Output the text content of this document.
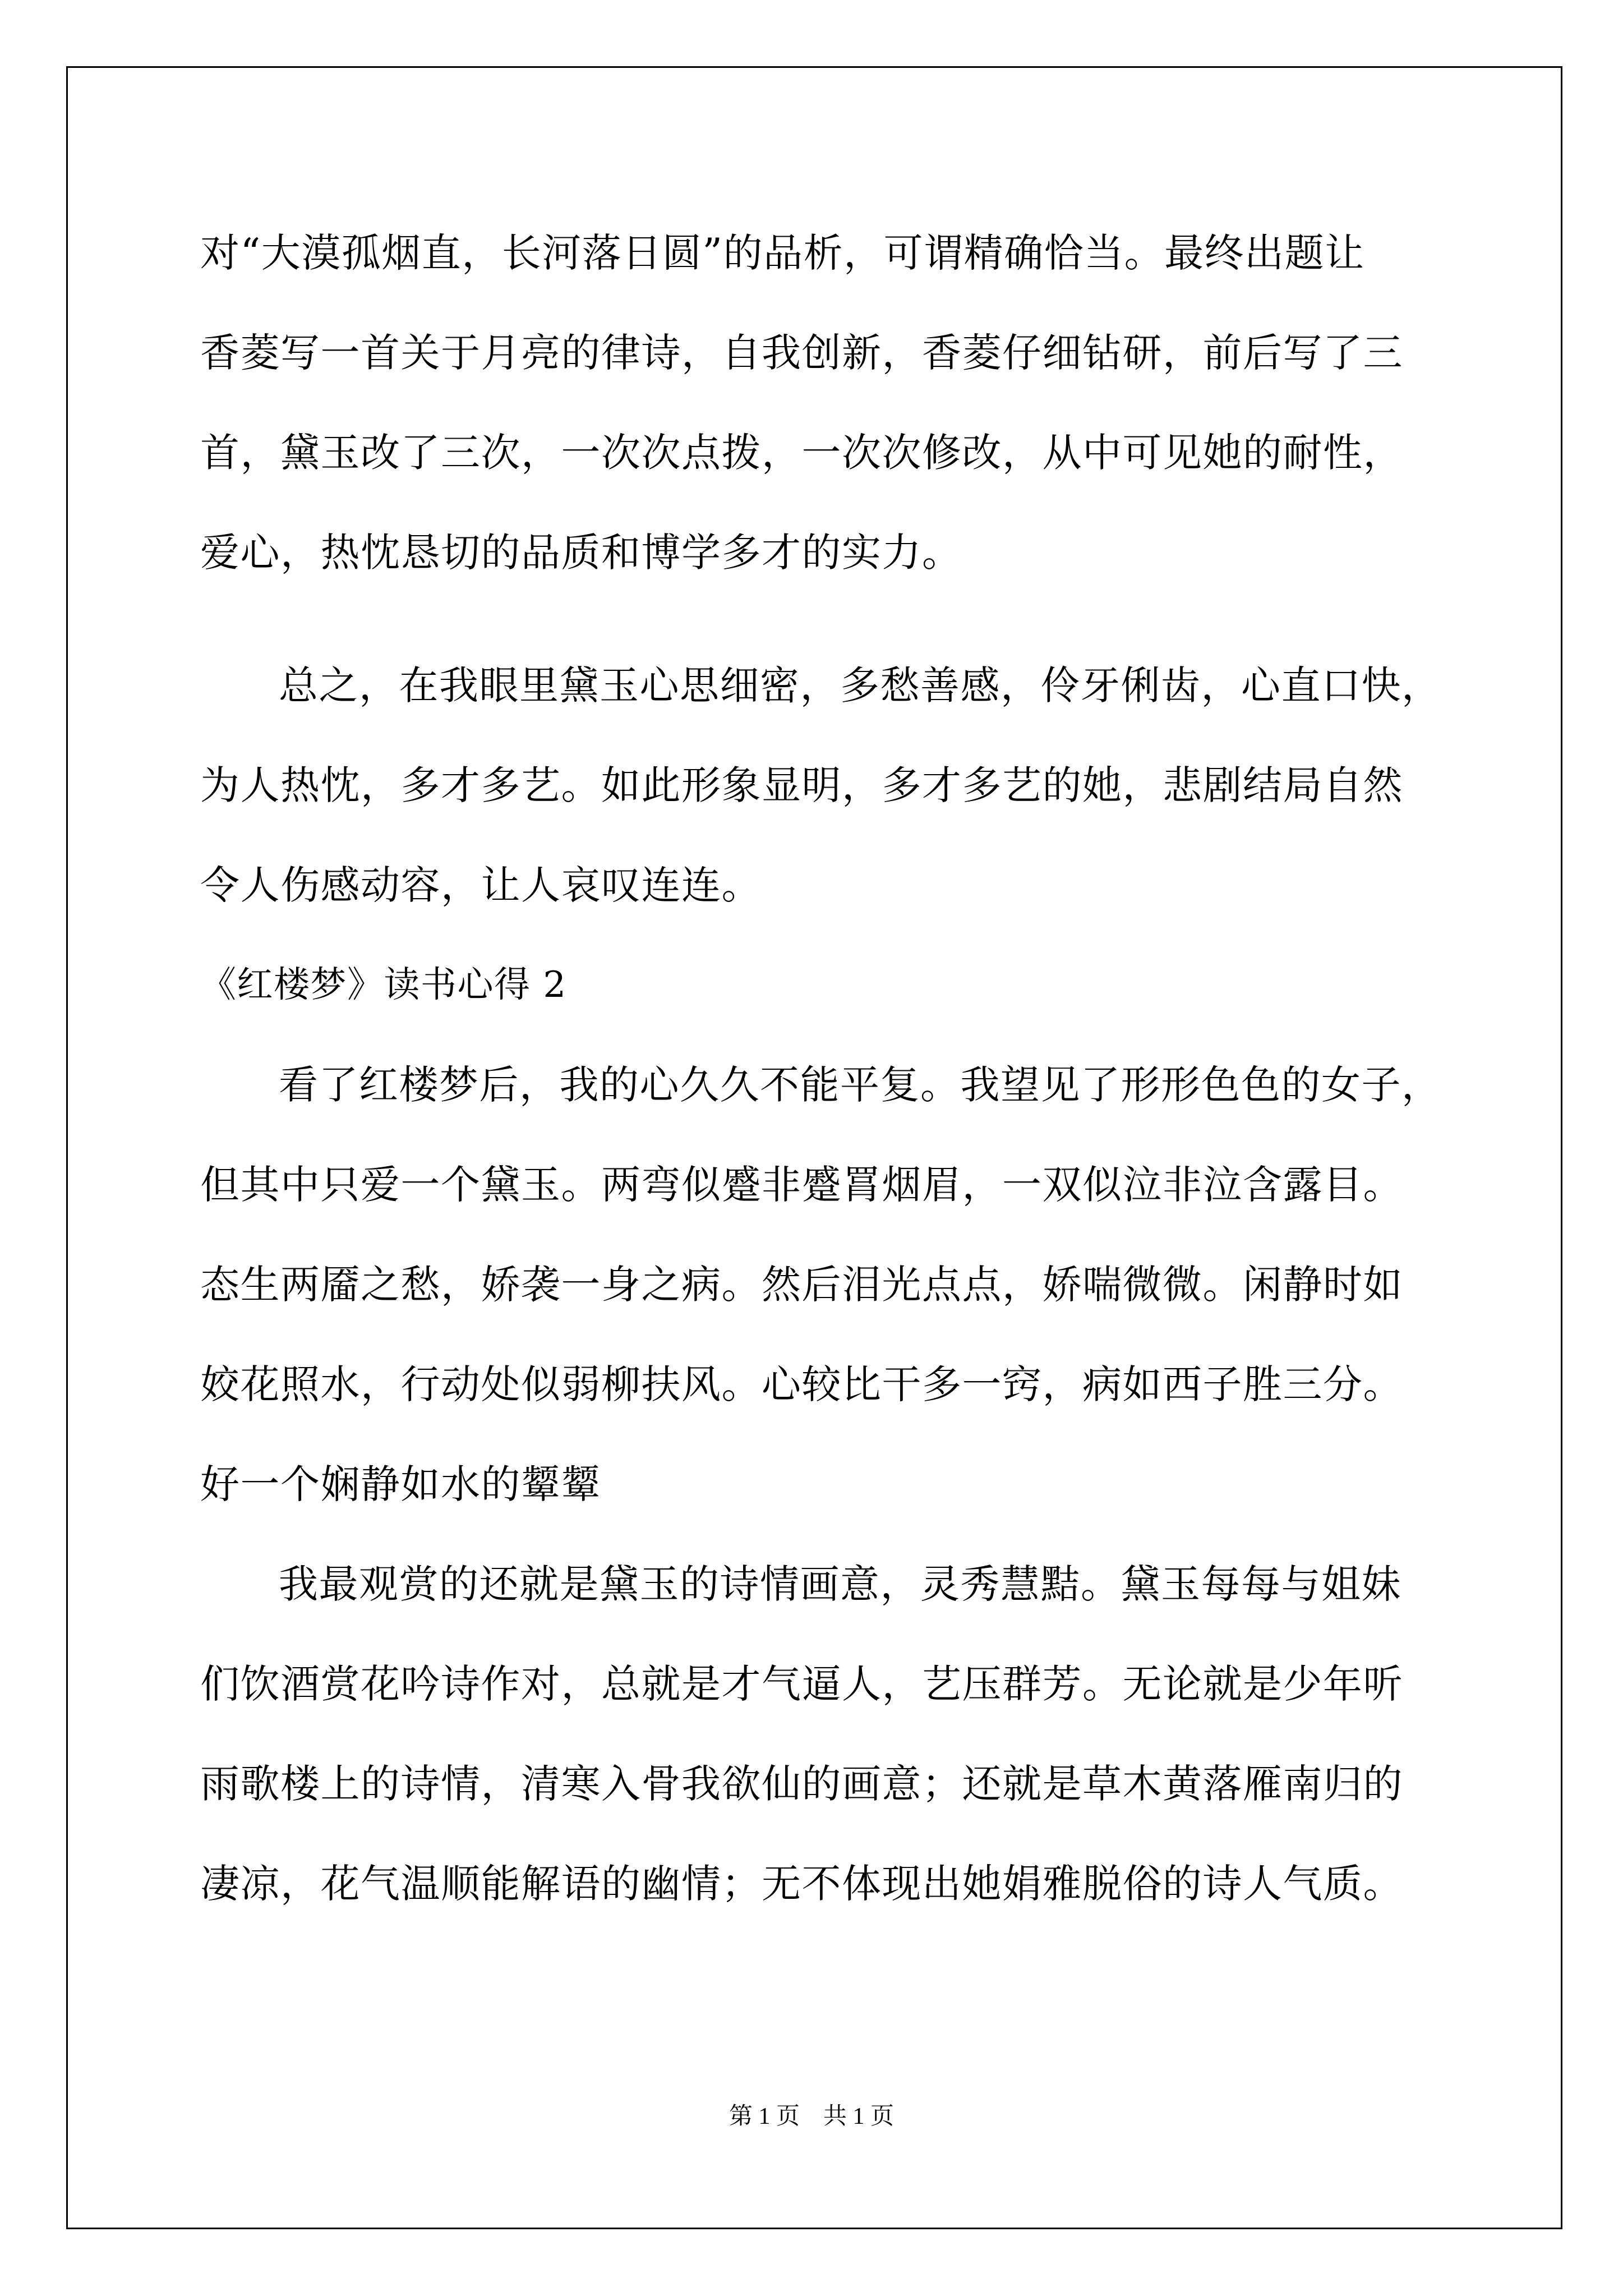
对“大漠孤烟直，长河落日圆”的品析，可谓精确恰当。最终出题让
香菱写一首关于月亮的律诗，自我创新，香菱仔细钻研，前后写了三
首，黛玉改了三次，一次次点拨，一次次修改，从中可见她的耐性，
爱心，热忱恳切的品质和博学多才的实力。
总之，在我眼里黛玉心思细密，多愁善感，伶牙俐齿，心直口快，
为人热忱，多才多艺。如此形象显明，多才多艺的她，悲剧结局自然
令人伤感动容，让人哀叹连连。
《红楼梦》读书心得 2
看了红楼梦后，我的心久久不能平复。我望见了形形色色的女子，
但其中只爱一个黛玉。两弯似蹙非蹙罥烟眉，一双似泣非泣含露目。
态生两靥之愁，娇袭一身之病。然后泪光点点，娇喘微微。闲静时如
姣花照水，行动处似弱柳扶风。心较比干多一窍，病如西子胜三分。
好一个娴静如水的颦颦
我最观赏的还就是黛玉的诗情画意，灵秀慧黠。黛玉每每与姐妹
们饮酒赏花吟诗作对，总就是才气逼人，艺压群芳。无论就是少年听
雨歌楼上的诗情，清寒入骨我欲仙的画意；还就是草木黄落雁南归的
凄凉，花气温顺能解语的幽情；无不体现出她娟雅脱俗的诗人气质。
第 1 页    共 1 页
